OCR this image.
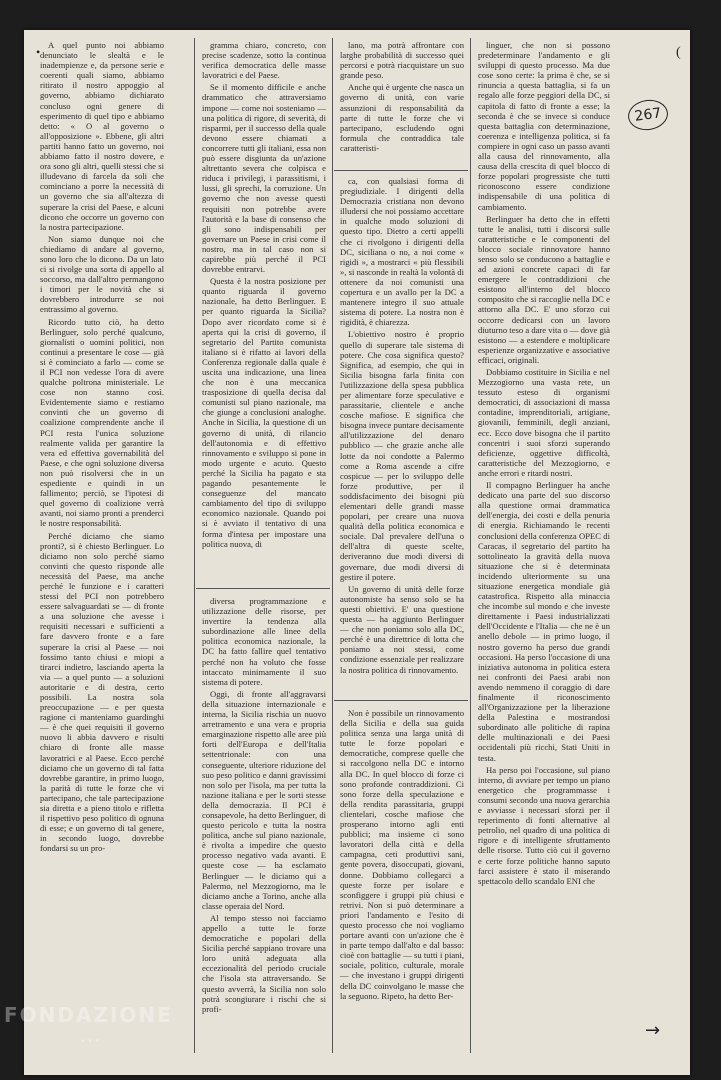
A quel punto noi abbiamo denunciato le slealtà e le inadempienze e, da persone serie e coerenti quali siamo, abbiamo ritirato il nostro appoggio al governo, abbiamo dichiarato concluso ogni genere di esperimento di quel tipo e abbiamo detto: « O al governo o all'opposizione ». Ebbene, gli altri partiti hanno fatto un governo, noi abbiamo fatto il nostro dovere, e ora sono gli altri, quelli stessi che si illudevano di farcela da soli che cominciano a porre la necessità di un governo che sia all'altezza di superare la crisi del Paese, e alcuni dicono che occorre un governo con la nostra partecipazione.

Non siamo dunque noi che chiediamo di andare al governo, sono loro che lo dicono. Da un lato ci si rivolge una sorta di appello al soccorso, ma dall'altro permangono i timori per le novità che si dovrebbero introdurre se noi entrassimo al governo.

Ricordo tutto ciò, ha detto Berlinguer, solo perché qualcuno, giornalisti o uomini politici, non continui a presentare le cose — già si è cominciato a farlo — come se il PCI non vedesse l'ora di avere qualche poltrona ministeriale. Le cose non stanno così. Evidentemente siamo e restiamo convinti che un governo di coalizione comprendente anche il PCI resta l'unica soluzione realmente valida per garantire la vera ed effettiva governabilità del Paese, e che ogni soluzione diversa non può risolversi che in un espediente e quindi in un fallimento; perciò, se l'ipotesi di quel governo di coalizione verrà avanti, noi siamo pronti a prenderci le nostre responsabilità.

Perché diciamo che siamo pronti?, si è chiesto Berlinguer. Lo diciamo non solo perché siamo convinti che questo risponde alle necessità del Paese, ma anche perché le funzione e i caratteri stessi del PCI non potrebbero essere salvaguardati se — di fronte a una soluzione che avesse i requisiti necessari e sufficienti a fare davvero fronte e a fare superare la crisi al Paese — noi fossimo tanto chiusi e miopi a tirarci indietro, lasciando aperta la via — a quel punto — a soluzioni autoritarie e di destra, certo possibili. La nostra sola preoccupazione — e per questa ragione ci manteniamo guardinghi — è che quei requisiti il governo nuovo li abbia davvero e risulti chiaro di fronte alle masse lavoratrici e al Paese. Ecco perché diciamo che un governo di tal fatta dovrebbe garantire, in primo luogo, la parità di tutte le forze che vi partecipano, che tale partecipazione sia diretta e a pieno titolo e rifletta il rispettivo peso politico di ognuna di esse; e un governo di tal genere, in secondo luogo, dovrebbe fondarsi su un pro-

gramma chiaro, concreto, con precise scadenze, sotto la continua verifica democratica delle masse lavoratrici e del Paese.

Se il momento difficile e anche drammatico che attraversiamo impone — come noi sosteniamo — una politica di rigore, di severità, di risparmi, per il successo della quale devono essere chiamati a concorrere tutti gli italiani, essa non può essere disgiunta da un'azione altrettanto severa che colpisca e riduca i privilegi, i parassitismi, i lussi, gli sprechi, la corruzione. Un governo che non avesse questi requisiti non potrebbe avere l'autorità e la base di consenso che gli sono indispensabili per governare un Paese in crisi come il nostro, ma in tal caso non si capirebbe più perché il PCI dovrebbe entrarvi.

Questa è la nostra posizione per quanto riguarda il governo nazionale, ha detto Berlinguer. E per quanto riguarda la Sicilia? Dopo aver ricordato come si è aperta qui la crisi di governo, il segretario del Partito comunista italiano si è rifatto ai lavori della Conferenza regionale dalla quale è uscita una indicazione, una linea che non è una meccanica trasposizione di quella decisa dal comunisti sul piano nazionale, ma che giunge a conclusioni analoghe. Anche in Sicilia, la questione di un governo di unità, di rilancio dell'autonomia e di effettivo rinnovamento e sviluppo si pone in modo urgente e acuto. Questo perché la Sicilia ha pagato e sta pagando pesantemente le conseguenze del mancato cambiamento del tipo di sviluppo economico nazionale. Quando poi si è avviato il tentativo di una forma d'intesa per impostare una politica nuova, di

lano, ma potrà affrontare con larghe probabilità di successo quei percorsi e potrà riacquistare un suo grande peso.

Anche qui è urgente che nasca un governo di unità, con varie assunzioni di responsabilità da parte di tutte le forze che vi partecipano, escludendo ogni formula che contraddica tale caratteristi-

ca, con qualsiasi forma di pregiudiziale. I dirigenti della Democrazia cristiana non devono illudersi che noi possiamo accettare in qualche modo soluzioni di questo tipo. Dietro a certi appelli che ci rivolgono i dirigenti della DC, siciliana o no, a noi come « rigidi », a mostrarci « più flessibili », si nasconde in realtà la volontà di ottenere da noi comunisti una copertura e un avallo per la DC a mantenere integro il suo attuale sistema di potere. La nostra non è rigidità, è chiarezza.

L'obiettivo nostro è proprio quello di superare tale sistema di potere. Che cosa significa questo? Significa, ad esempio, che qui in Sicilia bisogna farla finita con l'utilizzazione della spesa pubblica per alimentare forze speculative e parassitarie, clientele e anche cosche mafiose. E significa che bisogna invece puntare decisamente all'utilizzazione del denaro pubblico — che grazie anche alle lotte da noi condotte a Palermo come a Roma ascende a cifre cospicue — per lo sviluppo delle forze produttive, per il soddisfacimento dei bisogni più elementari delle grandi masse popolari, per creare una nuova qualità della politica economica e sociale. Dal prevalere dell'una o dell'altra di queste scelte, deriveranno due modi diversi di governare, due modi diversi di gestire il potere.

Un governo di unità delle forze autonomiste ha senso solo se ha questi obiettivi. E' una questione questa — ha aggiunto Berlinguer — che non poniamo solo alla DC, perché è una direttrice di lotta che poniamo a noi stessi, come condizione essenziale per realizzare la nostra politica di rinnovamento.

linguer, che non si possono predeterminare l'andamento e gli sviluppi di questo processo. Ma due cose sono certe: la prima è che, se si rinuncia a questa battaglia, si fa un regalo alle forze peggiori della DC, si capitola di fatto di fronte a esse; la seconda è che se invece si conduce questa battaglia con determinazione, coerenza e intelligenza politica, si fa compiere in ogni caso un passo avanti alla causa del rinnovamento, alla causa della crescita di quel blocco di forze popolari progressiste che tutti riconoscono essere condizione indispensabile di una politica di cambiamento.

Berlinguer ha detto che in effetti tutte le analisi, tutti i discorsi sulle caratteristiche e le componenti del blocco sociale rinnovatore hanno senso solo se conducono a battaglie e ad azioni concrete capaci di far emergere le contraddizioni che esistono all'interno del blocco composito che si raccoglie nella DC e attorno alla DC. E' uno sforzo cui occorre dedicarsi con un lavoro diuturno teso a dare vita o — dove già esistono — a estendere e moltiplicare esperienze organizzative e associative efficaci, originali.

Dobbiamo costituire in Sicilia e nel Mezzogiorno una vasta rete, un tessuto esteso di organismi democratici, di associazioni di massa contadine, imprenditoriali, artigiane, giovanili, femminili, degli anziani, ecc. Ecco dove bisogna che il partito concentri i suoi sforzi superando deficienze, oggettive difficoltà, caratteristiche del Mezzogiorno, e anche errori e ritardi nostri.

Il compagno Berlinguer ha anche dedicato una parte del suo discorso alla questione ormai drammatica dell'energia, dei costi e della penuria di energia. Richiamando le recenti conclusioni della conferenza OPEC di Caracas, il segretario del partito ha sottolineato la gravità della nuova situazione che si è determinata incidendo ulteriormente su una situazione energetica mondiale già catastrofica. Rispetto alla minaccia che incombe sul mondo e che investe direttamente i Paesi industrializzati dell'Occidente e l'Italia — che ne è un anello debole — in primo luogo, il nostro governo ha perso due grandi occasioni. Ha perso l'occasione di una iniziativa autonoma in politica estera nei confronti dei Paesi arabi non avendo nemmeno il coraggio di dare finalmente il riconoscimento all'Organizzazione per la liberazione della Palestina e mostrandosi subordinato alle politiche di rapina delle multinazionali e dei Paesi occidentali più ricchi, Stati Uniti in testa.

Ha perso poi l'occasione, sul piano interno, di avviare per tempo un piano energetico che programmasse i consumi secondo una nuova gerarchia e avviasse i necessari sforzi per il reperimento di fonti alternative al petrolio, nel quadro di una politica di rigore e di intelligente sfruttamento delle risorse. Tutto ciò cui il governo e certe forze politiche hanno saputo farci assistere è stato il miserando spettacolo dello scandalo ENI che

diversa programmazione e utilizzazione delle risorse, per invertire la tendenza alla subordinazione alle linee della politica economica nazionale, la DC ha fatto fallire quel tentativo perché non ha voluto che fosse intaccato minimamente il suo sistema di potere.

Oggi, di fronte all'aggravarsi della situazione internazionale e interna, la Sicilia rischia un nuovo arretramento e una vera e propria emarginazione rispetto alle aree più forti dell'Europa e dell'Italia settentrionale: con una conseguente, ulteriore riduzione del suo peso politico e danni gravissimi non solo per l'isola, ma per tutta la nazione italiana e per le sorti stesse della democrazia. Il PCI è consapevole, ha detto Berlinguer, di questo pericolo e tutta la nostra politica, anche sul piano nazionale, è rivolta a impedire che questo processo negativo vada avanti. E queste cose — ha esclamato Berlinguer — le diciamo qui a Palermo, nel Mezzogiorno, ma le diciamo anche a Torino, anche alla classe operaia del Nord.

Al tempo stesso noi facciamo appello a tutte le forze democratiche e popolari della Sicilia perché sappiano trovare una loro unità adeguata alla eccezionalità del periodo cruciale che l'isola sta attraversando. Se questo avverrà, la Sicilia non solo potrà scongiurare i rischi che si profi-

Non è possibile un rinnovamento della Sicilia e della sua guida politica senza una larga unità di tutte le forze popolari e democratiche, comprese quelle che si raccolgono nella DC e intorno alla DC. In quel blocco di forze ci sono profonde contraddizioni. Ci sono forze della speculazione e della rendita parassitaria, gruppi clientelari, cosche mafiose che prosperano intorno agli enti pubblici; ma insieme ci sono lavoratori della città e della campagna, ceti produttivi sani, gente povera, disoccupati, giovani, donne. Dobbiamo collegarci a queste forze per isolare e sconfiggere i gruppi più chiusi e retrivi. Non si può determinare a priori l'andamento e l'esito di questo processo che noi vogliamo portare avanti con un'azione che è in parte tempo dall'alto e dal basso: cioè con battaglie — su tutti i piani, sociale, politico, culturale, morale — che investano i gruppi dirigenti della DC coinvolgano le masse che la seguono. Ripeto, ha detto Ber-

267
•	(
→
FONDAZIONE
...
